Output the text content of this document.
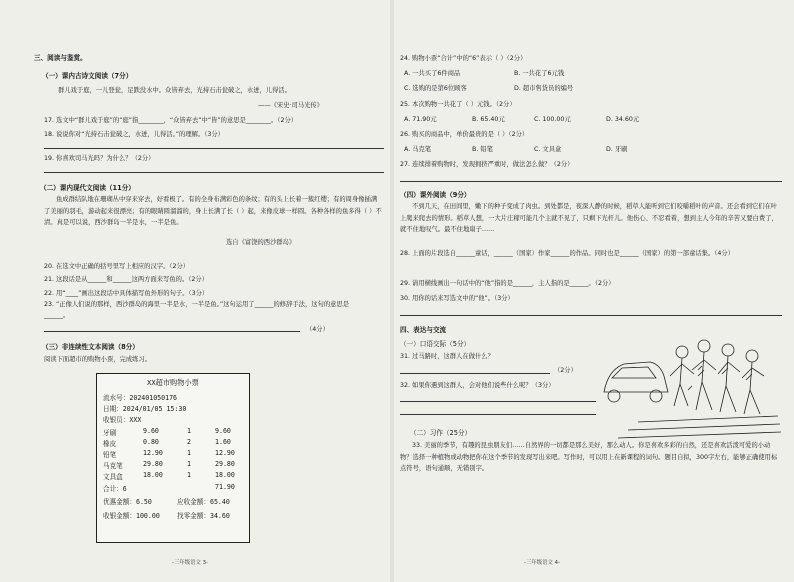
三、阅读与鉴赏。
（一）课内古诗文阅读（7分）
群儿戏于庭，一儿登瓮，足跌没水中。众皆弃去，光持石击瓮破之，水迸，儿得活。
——《宋史·司马光传》
17. 选文中“群儿戏于庭”的“庭”指________，“众皆弃去”中“皆”的意思是________。（2分）
18. 说说你对“光持石击瓮破之，水迸，儿得活。”的理解。（3分）
19. 你喜欢司马光吗？为什么？（2分）
（二）课内现代文阅读（11分）
鱼成群结队地在珊瑚丛中穿来穿去，好看极了。有的全身布满彩色的条纹；有的头上长着一簇红缨；有的周身像插满了美丽的羽毛，游动起来很漂亮；有的眼睛圆溜溜的，身上长满了长（ ）起，来像皮球一样圆。各种各样的鱼多得（ ）不清。真是可以说，西沙群岛一半是水，一半是鱼。
选自《富饶的西沙群岛》
20. 在选文中正确的括号里写上相应的汉字。（2分）
21. 这段话是从______和______这两方面来写鱼的。（2分）
22. 用“____”画出这段话中具体描写鱼外形的句子。（3分）
23. “正像人们说的那样，西沙群岛的海里一半是水，一半是鱼。”这句运用了______的修辞手法，这句的意思是______。
（4分）
（三）非连续性文本阅读（8分）
阅读下面超市的购物小票，完成练习。
XX超市购物小票
流水号：202401050176
日期：2024/01/05 15:30
收银员：XXX
牙刷	9.60	1	9.60
橡皮	0.80	2	1.60
铅笔	12.90	1	12.90
马克笔	29.80	1	29.80
文具盒	18.00	1	18.00
合计：6	71.90
优惠金额：6.50	应收金额：65.40
收银金额：100.00	找零金额：34.60
-三年级语文 3-
24. 购物小票“合计”中的“6”表示（ ）（2分）
A. 一共买了6件商品	B. 一共花了6元钱
C. 选购的是第6位顾客	D. 超市售货员的编号
25. 本次购物一共花了（ ）元钱。（2分）
A. 71.90元	B. 65.40元	C. 100.00元	D. 34.60元
26. 购买的商品中，单价最贵的是（ ）（2分）
A. 马克笔	B. 铅笔	C. 文具盒	D. 牙刷
27. 连续排着购物时，发现拥挤严重时，做法怎么做？（2分）
（四）课外阅读（9分）
不到几天，在田间里，嫩下的种子变成了肉虫。到处都是，夜深人静的时候，稻草人能听到它们咬嚼稻叶的声音。还会看到它们在叶上爬来爬去的情形。稻草人想，一大片庄稼可能几个主就不见了，只剩下光杆儿。他伤心、不忍看着，想到主人今年的辛苦又要白费了，就不住地叹气。最不住地扇子……
28. 上面的片段选自______童话，______（国家）作家______的作品。同时也是______（国家）的第一部童话集。（4分）
29. 请用横线画出一句话中的“他”指的是______，主人指的是______。（2分）
30. 用你的话来写选文中的“他”。（3分）
四、表达与交流
（一）口语交际（5分）
31. 过马路时，这群人在做什么？
（2分）
32. 如果你遇到这群人，会对他们说些什么呢？（3分）
（二）习作（25分）
33. 美丽的季节，有趣的昆虫朋友们……自然界的一切都是那么美好，那么动人。你是喜欢多彩的自然，还是喜欢活泼可爱的小动物？选择一种植物或动物把你在这个季节的发现写出来吧。写作时，可以用上在新课程的词句。题目自拟，300字左右，能够正确使用标点符号，语句通顺，无错别字。
-三年级语文 4-
